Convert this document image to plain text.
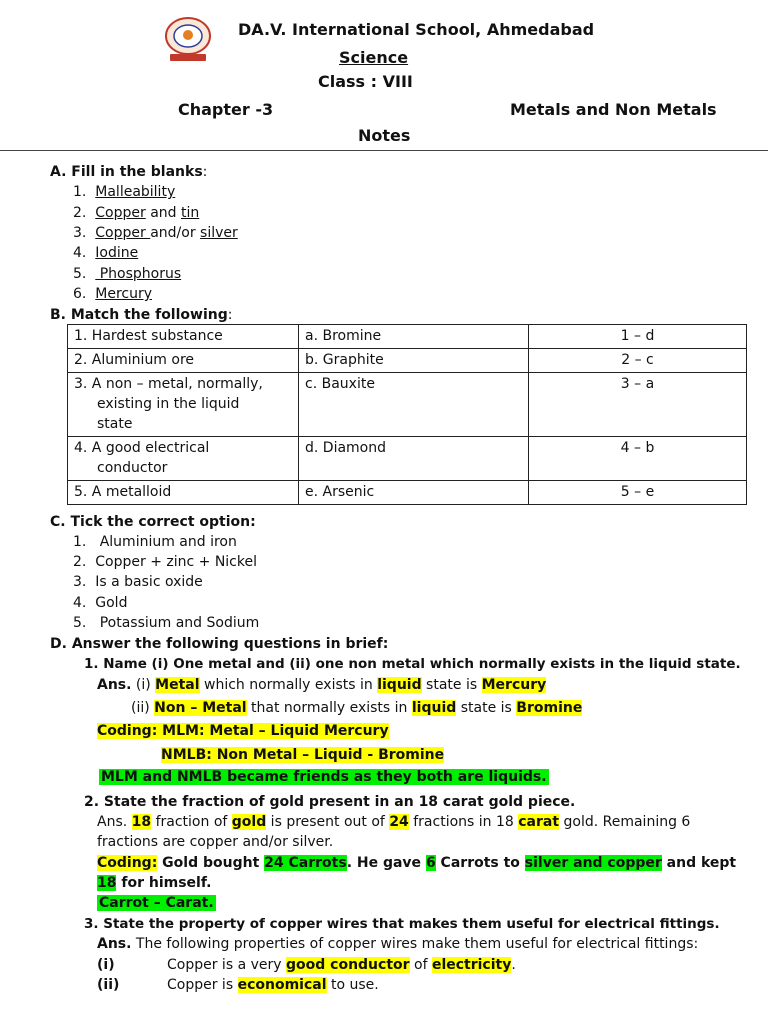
DA.V. International School, Ahmedabad
Science
Class : VIII
Chapter -3	Metals and Non Metals
Notes
A. Fill in the blanks:
1. Malleability
2. Copper and tin
3. Copper and/or silver
4. Iodine
5.   Phosphorus
6. Mercury
B. Match the following:
1. Hardest substance	a. Bromine	1 – d
2. Aluminium ore	b. Graphite	2 – c

3. A non – metal, normally,
existing in the liquid
state	c. Bauxite	3 – a

4. A good electrical
conductor	d. Diamond	4 – b
5. A metalloid	e. Arsenic	5 – e
C. Tick the correct option:
1.   Aluminium and iron
2. Copper + zinc + Nickel
3. Is a basic oxide
4. Gold
5.   Potassium and Sodium
D. Answer the following questions in brief:
1. Name (i) One metal and (ii) one non metal which normally exists in the liquid state.
Ans. (i) Metal which normally exists in liquid state is Mercury
(ii) Non – Metal that normally exists in liquid state is Bromine
Coding: MLM: Metal – Liquid Mercury
NMLB: Non Metal – Liquid - Bromine
MLM and NMLB became friends as they both are liquids.
2. State the fraction of gold present in an 18 carat gold piece.
Ans. 18 fraction of gold is present out of 24 fractions in 18 carat gold. Remaining 6
fractions are copper and/or silver.
Coding: Gold bought 24 Carrots. He gave 6 Carrots to silver and copper and kept
18 for himself.
Carrot – Carat.
3. State the property of copper wires that makes them useful for electrical fittings.
Ans. The following properties of copper wires make them useful for electrical fittings:
(i)	Copper is a very good conductor of electricity.
(ii)	Copper is economical to use.
